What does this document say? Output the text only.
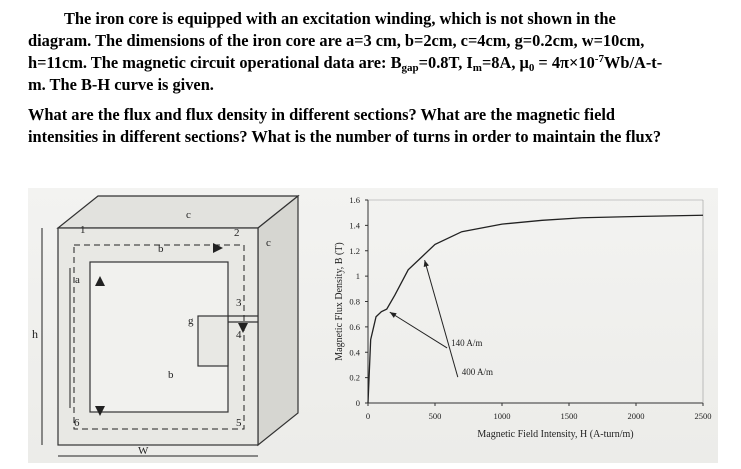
The iron core is equipped with an excitation winding, which is not shown in the
diagram. The dimensions of the iron core are a=3 cm, b=2cm, c=4cm, g=0.2cm, w=10cm,
h=11cm. The magnetic circuit operational data are: $B_{gap}=0.8T$, $I_m=8A$, $\mu_0 = 4\pi\times 10^{-7}Wb/A-t-$
m. The B-H curve is given.

What are the flux and flux density in different sections? What are the magnetic field
intensities in different sections? What is the number of turns in order to maintain the flux?

h
W
a
b
b
c
c
g
1	2
3
4
5
6
0
0.2
0.4
0.6
0.8
1
1.2
1.4
1.6
0	500	1000	1500	2000	2500
140 A/m
400 A/m
Magnetic Field Intensity, H (A-turn/m)
Magnetic Flux Density, B (T)
